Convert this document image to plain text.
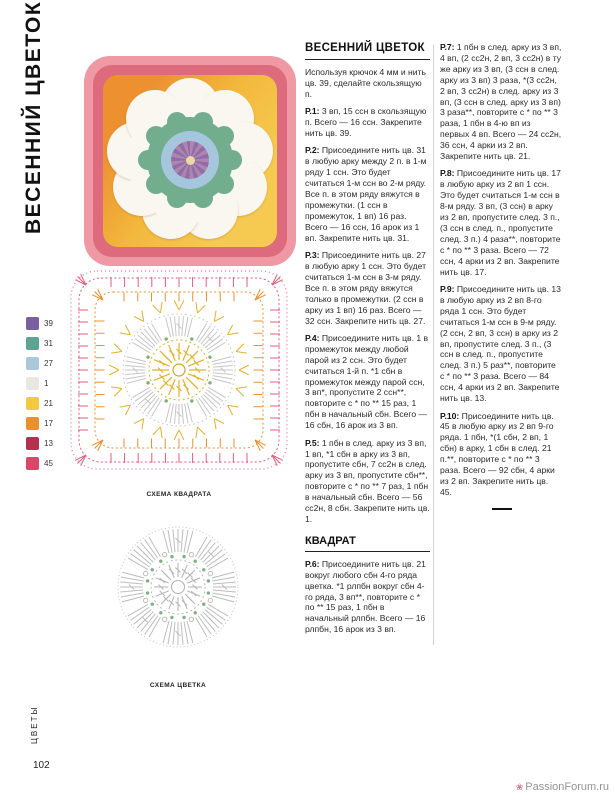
ВЕСЕННИЙ ЦВЕТОК
СХЕМА КВАДРАТА
39
31
27
1
21
17
13
45
СХЕМА ЦВЕТКА
ВЕСЕННИЙ ЦВЕТОК

Используя крючок 4 мм и нить цв. 39, сделайте скользящую п.

Р.1: 3 вп, 15 ссн в скользящую п. Всего — 16 ссн. Закрепите нить цв. 39.

Р.2: Присоедините нить цв. 31 в любую арку между 2 п. в 1-м ряду 1 ссн. Это будет считаться 1-м ссн во 2-м ряду. Все п. в этом ряду вяжутся в промежутки. (1 ссн в промежуток, 1 вп) 16 раз. Всего — 16 ссн, 16 арок из 1 вп. Закрепите нить цв. 31.

Р.3: Присоедините нить цв. 27 в любую арку 1 ссн. Это будет считаться 1-м ссн в 3-м ряду. Все п. в этом ряду вяжутся только в промежутки. (2 ссн в арку из 1 вп) 16 раз. Всего — 32 ссн. Закрепите нить цв. 27.

Р.4: Присоедините нить цв. 1 в промежуток между любой парой из 2 ссн. Это будет считаться 1-й п. *1 сбн в промежуток между парой ссн, 3 вп*, пропустите 2 ссн**, повторите с * по ** 15 раз, 1 пбн в начальный сбн. Всего — 16 сбн, 16 арок из 3 вп.

Р.5: 1 пбн в след. арку из 3 вп, 1 вп, *1 сбн в арку из 3 вп, пропустите сбн, 7 сс2н в след. арку из 3 вп, пропустите сбн**, повторите с * по ** 7 раз, 1 пбн в начальный сбн. Всего — 56 сс2н, 8 сбн. Закрепите нить цв. 1.

КВАДРАТ

Р.6: Присоедините нить цв. 21 вокруг любого сбн 4-го ряда цветка. *1 рлпбн вокруг сбн 4-го ряда, 3 вп**, повторите с * по ** 15 раз, 1 пбн в начальный рлпбн. Всего — 16 рлпбн, 16 арок из 3 вп.

Р.7: 1 пбн в след. арку из 3 вп, 4 вп, (2 сс2н, 2 вп, 3 сс2н) в ту же арку из 3 вп, (3 ссн в след. арку из 3 вп) 3 раза, *(3 сс2н, 2 вп, 3 сс2н) в след. арку из 3 вп, (3 ссн в след. арку из 3 вп) 3 раза**, повторите с * по ** 3 раза, 1 пбн в 4-ю вп из первых 4 вп. Всего — 24 сс2н, 36 ссн, 4 арки из 2 вп. Закрепите нить цв. 21.

Р.8: Присоедините нить цв. 17 в любую арку из 2 вп 1 ссн. Это будет считаться 1-м ссн в 8-м ряду. 3 вп, (3 ссн) в арку из 2 вп, пропустите след. 3 п., (3 ссн в след. п., пропустите след. 3 п.) 4 раза**, повторите с * по ** 3 раза. Всего — 72 ссн, 4 арки из 2 вп. Закрепите нить цв. 17.

Р.9: Присоедините нить цв. 13 в любую арку из 2 вп 8-го ряда 1 ссн. Это будет считаться 1-м ссн в 9-м ряду. (2 ссн, 2 вп, 3 ссн) в арку из 2 вп, пропустите след. 3 п., (3 ссн в след. п., пропустите след. 3 п.) 5 раз**, повторите с * по ** 3 раза. Всего — 84 ссн, 4 арки из 2 вп. Закрепите нить цв. 13.

Р.10: Присоедините нить цв. 45 в любую арку из 2 вп 9-го ряда. 1 пбн, *(1 сбн, 2 вп, 1 сбн) в арку, 1 сбн в след. 21 п.**, повторите с * по ** 3 раза. Всего — 92 сбн, 4 арки из 2 вп. Закрепите нить цв. 45.

ЦВЕТЫ
102
❀ PassionForum.ru
